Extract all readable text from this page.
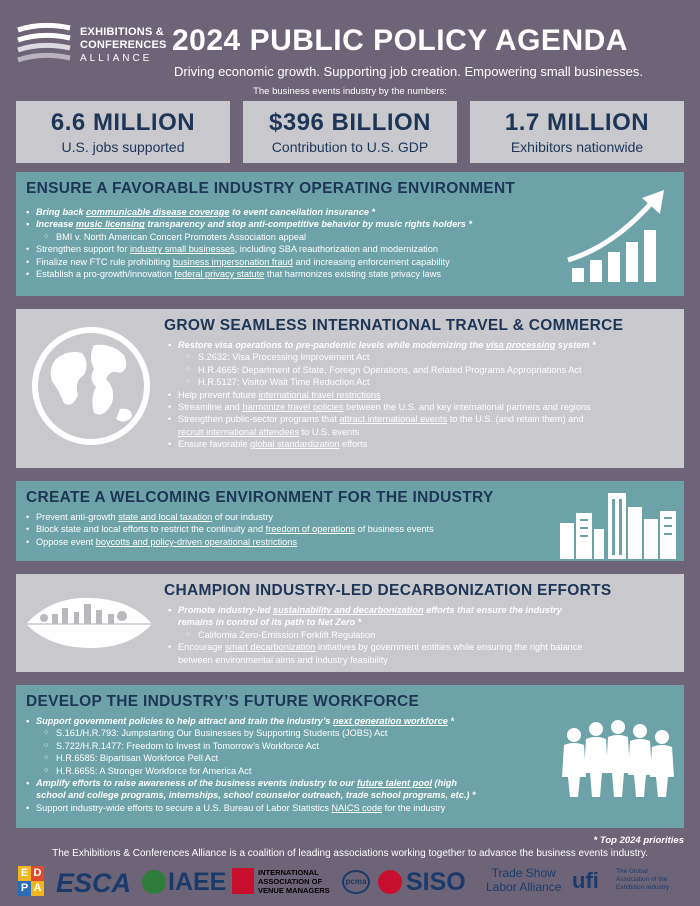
EXHIBITIONS &
CONFERENCES
ALLIANCE
2024 PUBLIC POLICY AGENDA
Driving economic growth. Supporting job creation. Empowering small businesses.
The business events industry by the numbers:
6.6 MILLION
U.S. jobs supported
$396 BILLION
Contribution to U.S. GDP
1.7 MILLION
Exhibitors nationwide
ENSURE A FAVORABLE INDUSTRY OPERATING ENVIRONMENT
• Bring back communicable disease coverage to event cancellation insurance *
• Increase music licensing transparency and stop anti-competitive behavior by music rights holders *
○ BMI v. North American Concert Promoters Association appeal
• Strengthen support for industry small businesses, including SBA reauthorization and modernization
• Finalize new FTC rule prohibiting business impersonation fraud and increasing enforcement capability
• Establish a pro-growth/innovation federal privacy statute that harmonizes existing state privacy laws
GROW SEAMLESS INTERNATIONAL TRAVEL & COMMERCE
• Restore visa operations to pre-pandemic levels while modernizing the visa processing system *
○ S.2632: Visa Processing Improvement Act
○ H.R.4665: Department of State, Foreign Operations, and Related Programs Appropriations Act
○ H.R.5127: Visitor Wait Time Reduction Act
• Help prevent future international travel restrictions
• Streamline and harmonize travel policies between the U.S. and key international partners and regions
• Strengthen public-sector programs that attract international events to the U.S. (and retain them) and
recruit international attendees to U.S. events
• Ensure favorable global standardization efforts
CREATE A WELCOMING ENVIRONMENT FOR THE INDUSTRY
• Prevent anti-growth state and local taxation of our industry
• Block state and local efforts to restrict the continuity and freedom of operations of business events
• Oppose event boycotts and policy-driven operational restrictions
CHAMPION INDUSTRY-LED DECARBONIZATION EFFORTS
• Promote industry-led sustainability and decarbonization efforts that ensure the industry
remains in control of its path to Net Zero *
○ California Zero-Emission Forklift Regulation
• Encourage smart decarbonization initiatives by government entities while ensuring the right balance
between environmental aims and industry feasibility
DEVELOP THE INDUSTRY’S FUTURE WORKFORCE
• Support government policies to help attract and train the industry’s next generation workforce *
○ S.161/H.R.793: Jumpstarting Our Businesses by Supporting Students (JOBS) Act
○ S.722/H.R.1477: Freedom to Invest in Tomorrow’s Workforce Act
○ H.R.6585: Bipartisan Workforce Pell Act
○ H.R.6655: A Stronger Workforce for America Act
• Amplify efforts to raise awareness of the business events industry to our future talent pool (high
school and college programs, internships, school counselor outreach, trade school programs, etc.) *
• Support industry-wide efforts to secure a U.S. Bureau of Labor Statistics NAICS code for the industry
* Top 2024 priorities
The Exhibitions & Conferences Alliance is a coalition of leading associations working together to advance the business events industry.
E D
P A ESCA IAEE	INTERNATIONAL
ASSOCIATION OF
VENUE MANAGERS
pcma SISO	Trade Show
Labor Alliance ufi	The Global
Association of the
Exhibition Industry
